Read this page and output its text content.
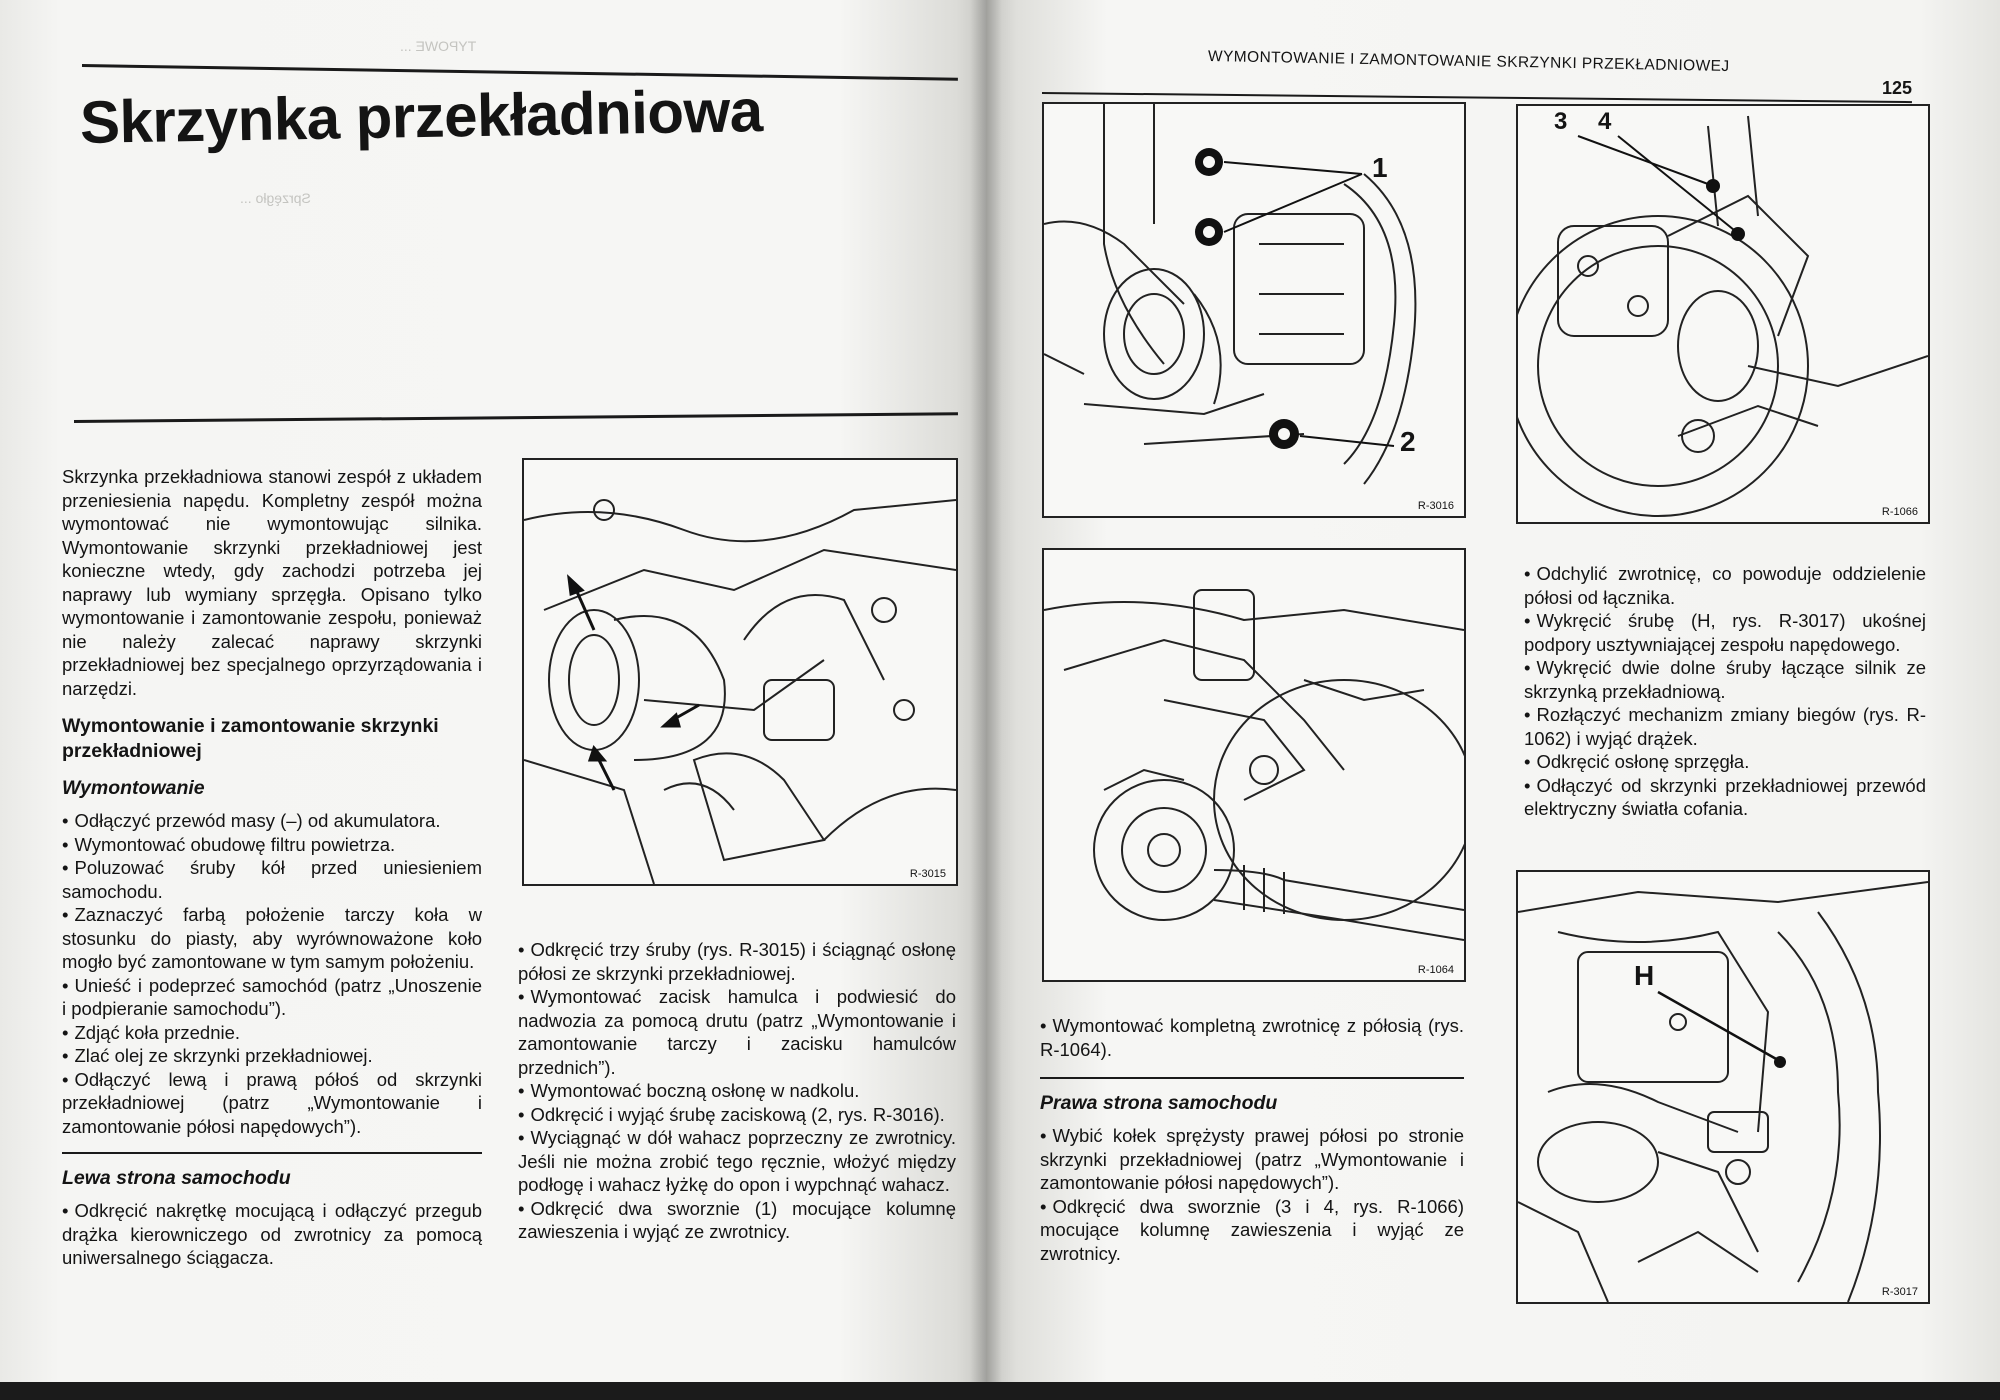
TYPOWE ...
Sprzęgło ...
Skrzynka przekładniowa

Skrzynka przekładniowa stanowi zespół z układem przeniesienia napędu. Kompletny zespół można wymontować nie wymontowując silnika. Wymontowanie skrzynki przekładniowej jest konieczne wtedy, gdy zachodzi potrzeba jej naprawy lub wymiany sprzęgła. Opisano tylko wymontowanie i zamontowanie zespołu, ponieważ nie należy zalecać naprawy skrzynki przekładniowej bez specjalnego oprzyrządowania i narzędzi.

Wymontowanie i zamontowanie skrzynki przekładniowej

Wymontowanie

• Odłączyć przewód masy (–) od akumulatora.

• Wymontować obudowę filtru powietrza.

• Poluzować śruby kół przed uniesieniem samochodu.

• Zaznaczyć farbą położenie tarczy koła w stosunku do piasty, aby wyrównoważone koło mogło być zamontowane w tym samym położeniu.

• Unieść i podeprzeć samochód (patrz „Unoszenie i podpieranie samochodu”).

• Zdjąć koła przednie.

• Zlać olej ze skrzynki przekładniowej.

• Odłączyć lewą i prawą półoś od skrzynki przekładniowej (patrz „Wymontowanie i zamontowanie półosi napędowych”).

Lewa strona samochodu

• Odkręcić nakrętkę mocującą i odłączyć przegub drążka kierowniczego od zwrotnicy za pomocą uniwersalnego ściągacza.

R-3015

• Odkręcić trzy śruby (rys. R-3015) i ściągnąć osłonę półosi ze skrzynki przekładniowej.

• Wymontować zacisk hamulca i podwiesić do nadwozia za pomocą drutu (patrz „Wymontowanie i zamontowanie tarczy i zacisku hamulców przednich”).

• Wymontować boczną osłonę w nadkolu.

• Odkręcić i wyjąć śrubę zaciskową (2, rys. R-3016).

• Wyciągnąć w dół wahacz poprzeczny ze zwrotnicy. Jeśli nie można zrobić tego ręcznie, włożyć między podłogę i wahacz łyżkę do opon i wypchnąć wahacz.

• Odkręcić dwa sworznie (1) mocujące kolumnę zawieszenia i wyjąć ze zwrotnicy.

WYMONTOWANIE I ZAMONTOWANIE SKRZYNKI PRZEKŁADNIOWEJ
125
1
2
R-3016
3 4
R-1066
R-1064	H
R-3017

• Wymontować kompletną zwrotnicę z półosią (rys. R-1064).

Prawa strona samochodu

• Wybić kołek sprężysty prawej półosi po stronie skrzynki przekładniowej (patrz „Wymontowanie i zamontowanie półosi napędowych”).

• Odkręcić dwa sworznie (3 i 4, rys. R-1066) mocujące kolumnę zawieszenia i wyjąć ze zwrotnicy.

• Odchylić zwrotnicę, co powoduje oddzielenie półosi od łącznika.

• Wykręcić śrubę (H, rys. R-3017) ukośnej podpory usztywniającej zespołu napędowego.

• Wykręcić dwie dolne śruby łączące silnik ze skrzynką przekładniową.

• Rozłączyć mechanizm zmiany biegów (rys. R-1062) i wyjąć drążek.

• Odkręcić osłonę sprzęgła.

• Odłączyć od skrzynki przekładniowej przewód elektryczny światła cofania.
